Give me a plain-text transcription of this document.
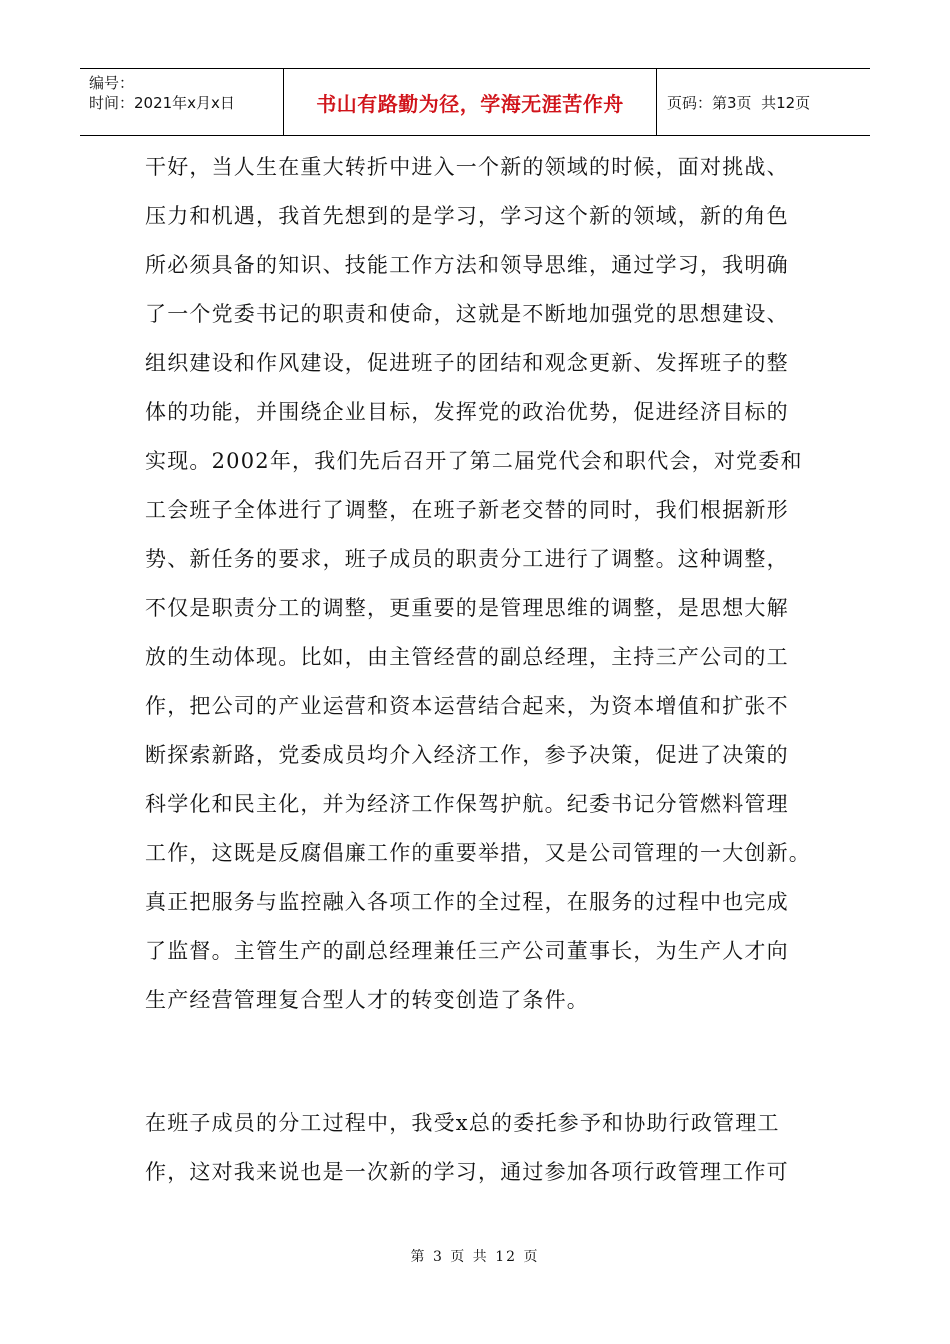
编号：
时间：2021年x月x日	书山有路勤为径，学海无涯苦作舟	页码：第3页  共12页
干好，当人生在重大转折中进入一个新的领域的时候，面对挑战、
压力和机遇，我首先想到的是学习，学习这个新的领域，新的角色
所必须具备的知识、技能工作方法和领导思维，通过学习，我明确
了一个党委书记的职责和使命，这就是不断地加强党的思想建设、
组织建设和作风建设，促进班子的团结和观念更新、发挥班子的整
体的功能，并围绕企业目标，发挥党的政治优势，促进经济目标的
实现。2002年，我们先后召开了第二届党代会和职代会，对党委和
工会班子全体进行了调整，在班子新老交替的同时，我们根据新形
势、新任务的要求，班子成员的职责分工进行了调整。这种调整，
不仅是职责分工的调整，更重要的是管理思维的调整，是思想大解
放的生动体现。比如，由主管经营的副总经理，主持三产公司的工
作，把公司的产业运营和资本运营结合起来，为资本增值和扩张不
断探索新路，党委成员均介入经济工作，参予决策，促进了决策的
科学化和民主化，并为经济工作保驾护航。纪委书记分管燃料管理
工作，这既是反腐倡廉工作的重要举措，又是公司管理的一大创新。
真正把服务与监控融入各项工作的全过程，在服务的过程中也完成
了监督。主管生产的副总经理兼任三产公司董事长，为生产人才向
生产经营管理复合型人才的转变创造了条件。
在班子成员的分工过程中，我受x总的委托参予和协助行政管理工
作，这对我来说也是一次新的学习，通过参加各项行政管理工作可
第 3 页 共 12 页
